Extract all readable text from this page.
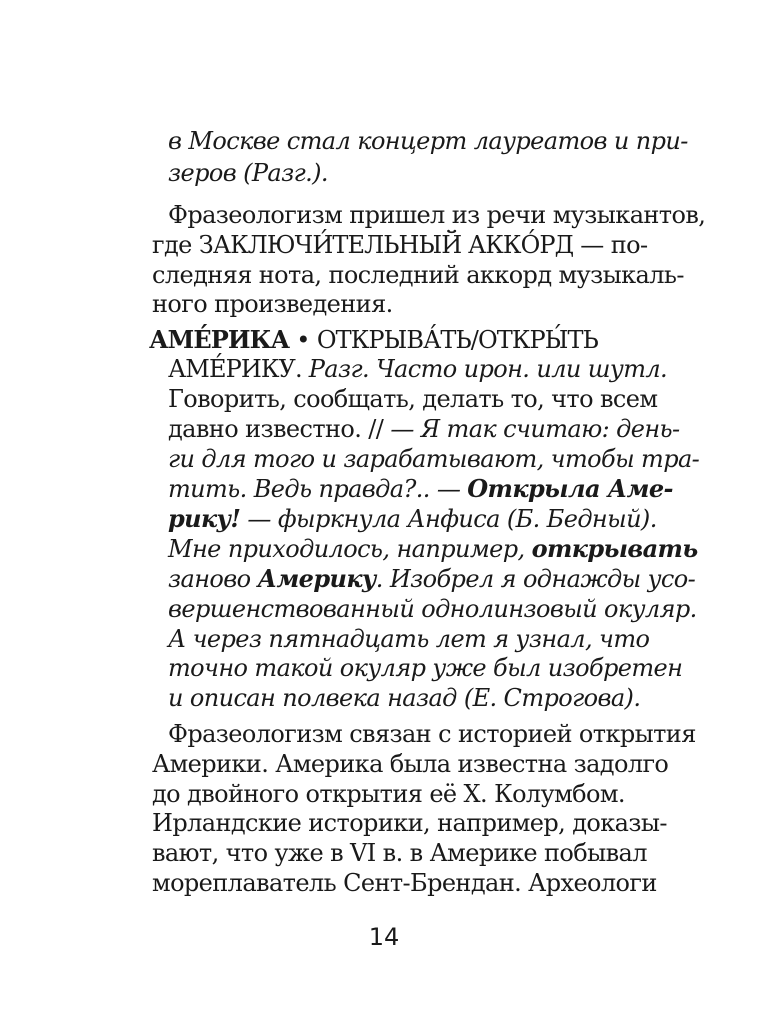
в Москве стал концерт лауреатов и при-
зеров (Разг.).
Фразеологизм пришел из речи музыкантов,
где ЗАКЛЮЧИ́ТЕЛЬНЫЙ АККО́РД — по-
следняя нота, последний аккорд музыкаль-
ного произведения.
АМЕ́РИКА • ОТКРЫВА́ТЬ/ОТКРЫ́ТЬ
АМЕ́РИКУ. Разг. Часто ирон. или шутл.
Говорить, сообщать, делать то, что всем
давно известно. // — Я так считаю: день-
ги для того и зарабатывают, чтобы тра-
тить. Ведь правда?.. — Открыла Аме-
рику! — фыркнула Анфиса (Б. Бедный).
Мне приходилось, например, открывать
заново Америку. Изобрел я однажды усо-
вершенствованный однолинзовый окуляр.
А через пятнадцать лет я узнал, что
точно такой окуляр уже был изобретен
и описан полвека назад (Е. Строгова).
Фразеологизм связан с историей открытия
Америки. Америка была известна задолго
до двойного открытия её Х. Колумбом.
Ирландские историки, например, доказы-
вают, что уже в VI в. в Америке побывал
мореплаватель Сент-Брендан. Археологи
14
